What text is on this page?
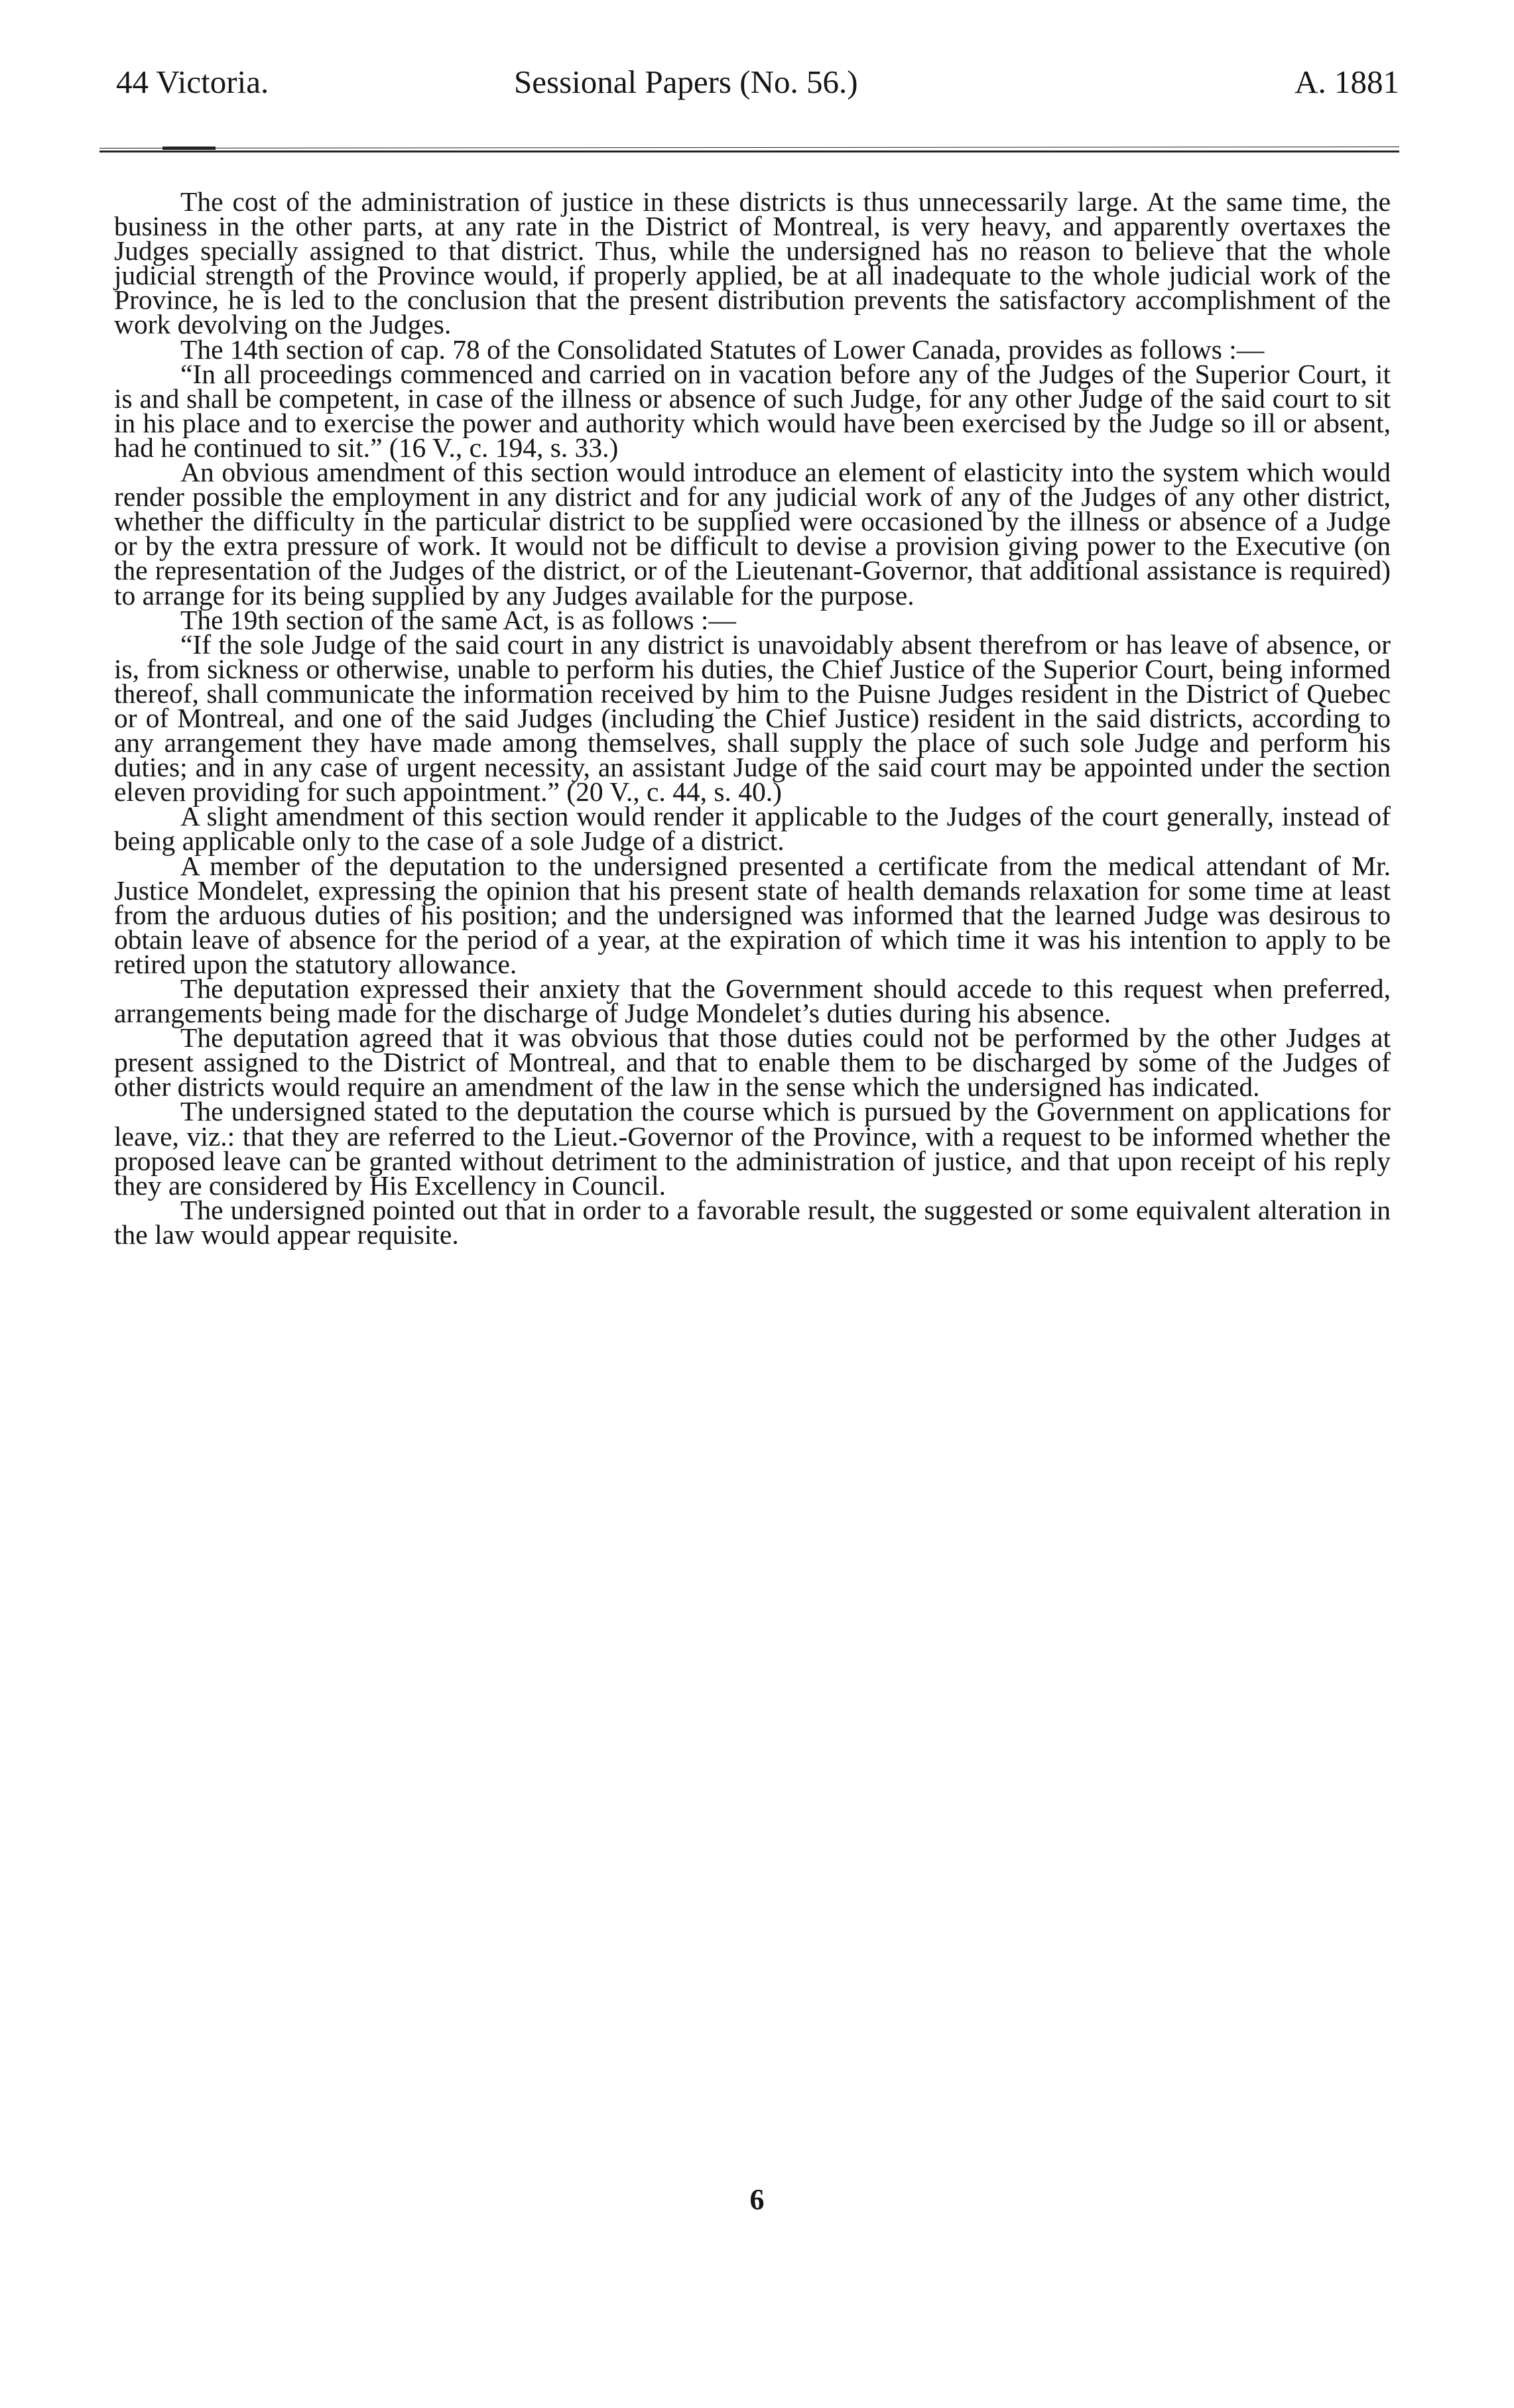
44 Victoria.	Sessional Papers (No. 56.)	A. 1881

The cost of the administration of justice in these districts is thus unnecessarily large. At the same time, the business in the other parts, at any rate in the District of Montreal, is very heavy, and apparently overtaxes the Judges specially assigned to that district. Thus, while the undersigned has no reason to believe that the whole judicial strength of the Province would, if properly applied, be at all inadequate to the whole judicial work of the Province, he is led to the conclusion that the present distribution prevents the satisfactory accomplishment of the work devolving on the Judges.

The 14th section of cap. 78 of the Consolidated Statutes of Lower Canada, provides as follows :—

“In all proceedings commenced and carried on in vacation before any of the Judges of the Superior Court, it is and shall be competent, in case of the illness or absence of such Judge, for any other Judge of the said court to sit in his place and to exercise the power and authority which would have been exercised by the Judge so ill or absent, had he continued to sit.” (16 V., c. 194, s. 33.)

An obvious amendment of this section would introduce an element of elasticity into the system which would render possible the employment in any district and for any judicial work of any of the Judges of any other district, whether the difficulty in the particular district to be supplied were occasioned by the illness or absence of a Judge or by the extra pressure of work. It would not be difficult to devise a provision giving power to the Executive (on the representation of the Judges of the district, or of the Lieutenant-Governor, that additional assistance is required) to arrange for its being supplied by any Judges available for the purpose.

The 19th section of the same Act, is as follows :—

“If the sole Judge of the said court in any district is unavoidably absent therefrom or has leave of absence, or is, from sickness or otherwise, unable to perform his duties, the Chief Justice of the Superior Court, being informed thereof, shall communicate the information received by him to the Puisne Judges resident in the District of Quebec or of Montreal, and one of the said Judges (including the Chief Justice) resident in the said districts, according to any arrangement they have made among themselves, shall supply the place of such sole Judge and perform his duties; and in any case of urgent necessity, an assistant Judge of the said court may be appointed under the section eleven providing for such appointment.” (20 V., c. 44, s. 40.)

A slight amendment of this section would render it applicable to the Judges of the court generally, instead of being applicable only to the case of a sole Judge of a district.

A member of the deputation to the undersigned presented a certificate from the medical attendant of Mr. Justice Mondelet, expressing the opinion that his present state of health demands relaxation for some time at least from the arduous duties of his position; and the undersigned was informed that the learned Judge was desirous to obtain leave of absence for the period of a year, at the expiration of which time it was his intention to apply to be retired upon the statutory allowance.

The deputation expressed their anxiety that the Government should accede to this request when preferred, arrangements being made for the discharge of Judge Mondelet’s duties during his absence.

The deputation agreed that it was obvious that those duties could not be performed by the other Judges at present assigned to the District of Montreal, and that to enable them to be discharged by some of the Judges of other districts would require an amendment of the law in the sense which the undersigned has indicated.

The undersigned stated to the deputation the course which is pursued by the Government on applications for leave, viz.: that they are referred to the Lieut.-Governor of the Province, with a request to be informed whether the proposed leave can be granted without detriment to the administration of justice, and that upon receipt of his reply they are considered by His Excellency in Council.

The undersigned pointed out that in order to a favorable result, the suggested or some equivalent alteration in the law would appear requisite.

6
